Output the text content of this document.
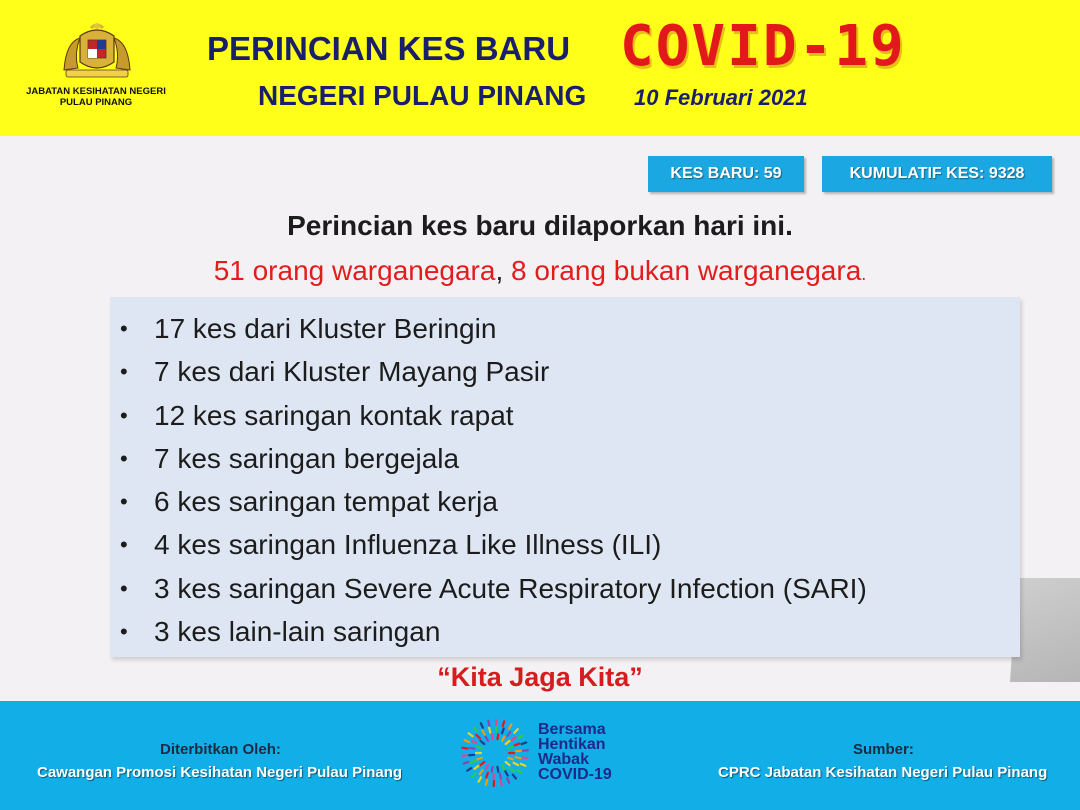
JABATAN KESIHATAN NEGERI
PULAU PINANG
PERINCIAN KES BARU COVID-19
NEGERI PULAU PINANG 10 Februari 2021
KES BARU: 59	KUMULATIF KES: 9328
Perincian kes baru dilaporkan hari ini.
51 orang warganegara, 8 orang bukan warganegara.
• 17 kes dari Kluster Beringin
• 7 kes dari Kluster Mayang Pasir
• 12 kes saringan kontak rapat
• 7 kes saringan bergejala
• 6 kes saringan tempat kerja
• 4 kes saringan Influenza Like Illness (ILI)
• 3 kes saringan Severe Acute Respiratory Infection (SARI)
• 3 kes lain-lain saringan
“Kita Jaga Kita”
Diterbitkan Oleh:
Cawangan Promosi Kesihatan Negeri Pulau Pinang
Sumber:
CPRC Jabatan Kesihatan Negeri Pulau Pinang
Bersama
Hentikan
Wabak
COVID-19
